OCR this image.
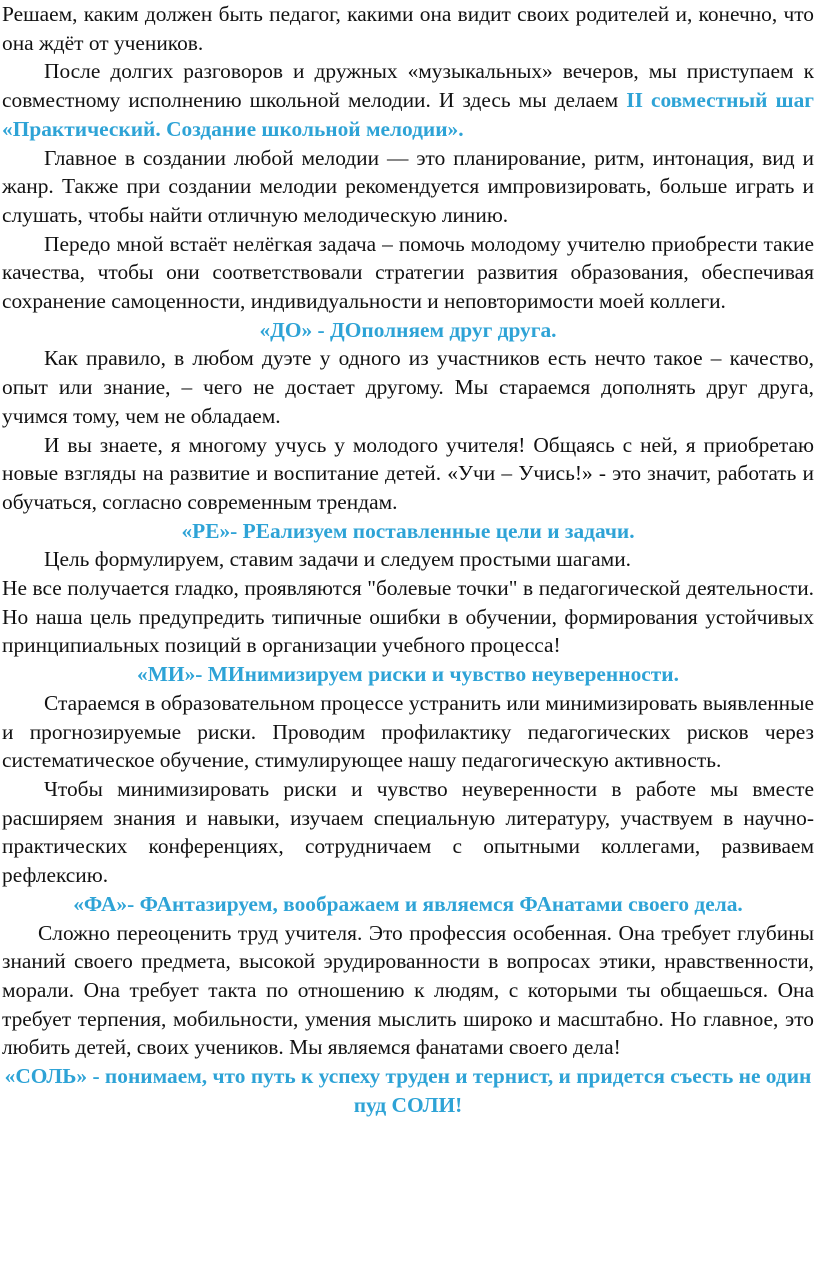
Решаем, каким должен быть педагог, какими она видит своих родителей и, конечно, что она ждёт от учеников.

После долгих разговоров и дружных «музыкальных» вечеров, мы приступаем к совместному исполнению школьной мелодии. И здесь мы делаем II совместный шаг «Практический. Создание школьной мелодии».

Главное в создании любой мелодии — это планирование, ритм, интонация, вид и жанр. Также при создании мелодии рекомендуется импровизировать, больше играть и слушать, чтобы найти отличную мелодическую линию.

Передо мной встаёт нелёгкая задача – помочь молодому учителю приобрести такие качества, чтобы они соответствовали стратегии развития образования, обеспечивая сохранение самоценности, индивидуальности и неповторимости моей коллеги.

«ДО» - ДОполняем друг друга.

Как правило, в любом дуэте у одного из участников есть нечто такое – качество, опыт или знание, – чего не достает другому. Мы стараемся дополнять друг друга, учимся тому, чем не обладаем.

И вы знаете, я многому учусь у молодого учителя! Общаясь с ней, я приобретаю новые взгляды на развитие и воспитание детей. «Учи – Учись!» - это значит, работать и обучаться, согласно современным трендам.

«РЕ»- РЕализуем поставленные цели и задачи.

Цель формулируем, ставим задачи и следуем простыми шагами.

Не все получается гладко, проявляются "болевые точки" в педагогической деятельности. Но наша цель предупредить типичные ошибки в обучении, формирования устойчивых принципиальных позиций в организации учебного процесса!

«МИ»- МИнимизируем риски и чувство неуверенности.

Стараемся в образовательном процессе устранить или минимизировать выявленные и прогнозируемые риски. Проводим профилактику педагогических рисков через систематическое обучение, стимулирующее нашу педагогическую активность.

Чтобы минимизировать риски и чувство неуверенности в работе мы вместе расширяем знания и навыки, изучаем специальную литературу, участвуем в научно-практических конференциях, сотрудничаем с опытными коллегами, развиваем рефлексию.

«ФА»- ФАнтазируем, воображаем и являемся ФАнатами своего дела.

Сложно переоценить труд учителя. Это профессия особенная. Она требует глубины знаний своего предмета, высокой эрудированности в вопросах этики, нравственности, морали. Она требует такта по отношению к людям, с которыми ты общаешься. Она требует терпения, мобильности, умения мыслить широко и масштабно. Но главное, это любить детей, своих учеников. Мы являемся фанатами своего дела!

«СОЛЬ» - понимаем, что путь к успеху труден и тернист, и придется съесть не один пуд СОЛИ!
